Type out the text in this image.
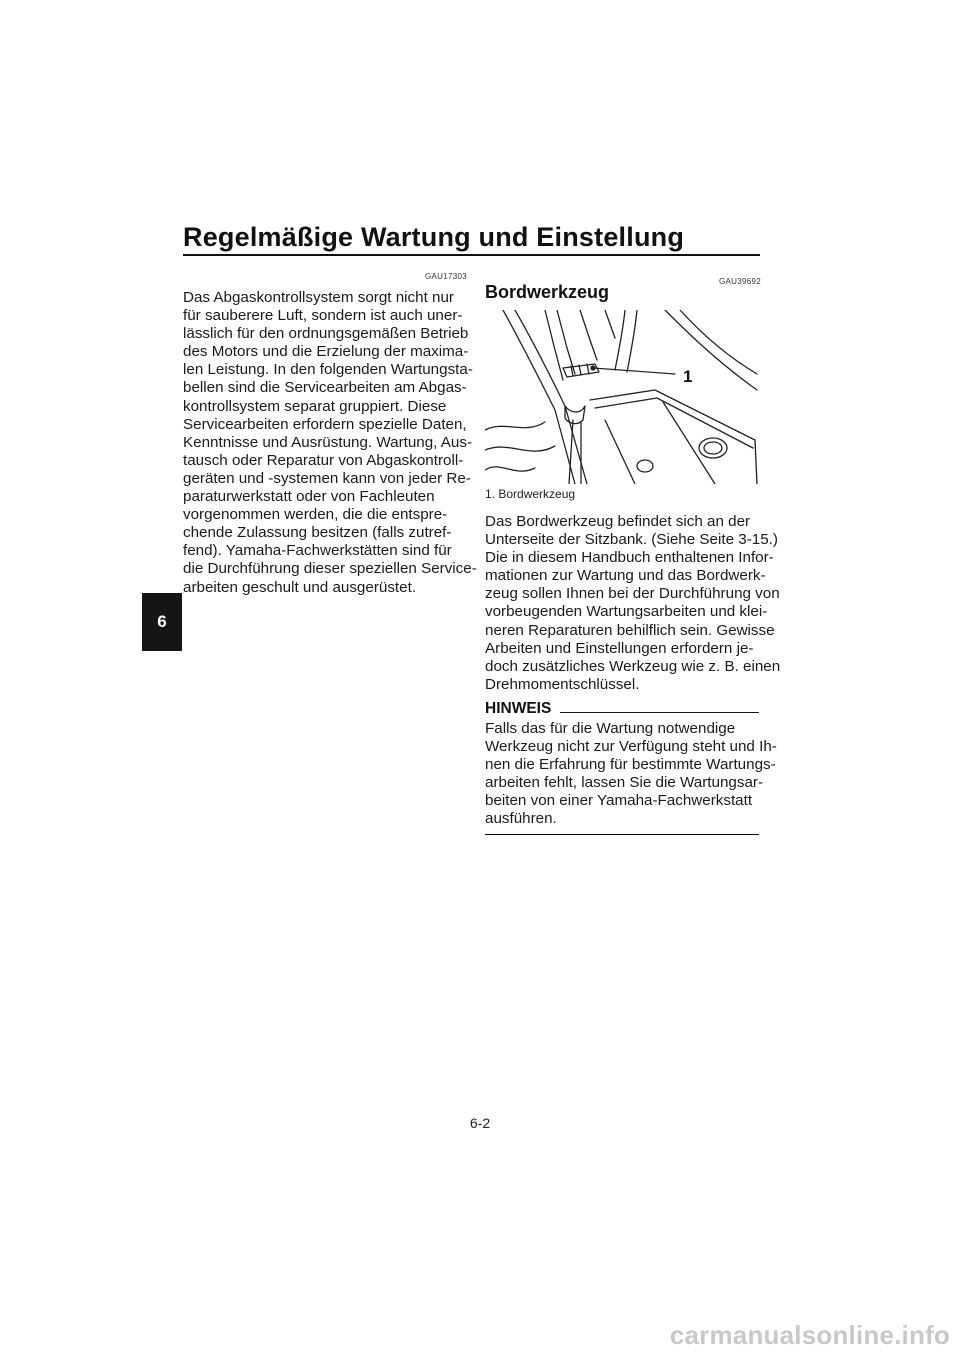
Regelmäßige Wartung und Einstellung
6
GAU17303
Das Abgaskontrollsystem sorgt nicht nur
für sauberere Luft, sondern ist auch uner-
lässlich für den ordnungsgemäßen Betrieb
des Motors und die Erzielung der maxima-
len Leistung. In den folgenden Wartungsta-
bellen sind die Servicearbeiten am Abgas-
kontrollsystem separat gruppiert. Diese
Servicearbeiten erfordern spezielle Daten,
Kenntnisse und Ausrüstung. Wartung, Aus-
tausch oder Reparatur von Abgaskontroll-
geräten und -systemen kann von jeder Re-
paraturwerkstatt oder von Fachleuten
vorgenommen werden, die die entspre-
chende Zulassung besitzen (falls zutref-
fend). Yamaha-Fachwerkstätten sind für
die Durchführung dieser speziellen Service-
arbeiten geschult und ausgerüstet.
GAU39692
Bordwerkzeug
1
1. Bordwerkzeug
Das Bordwerkzeug befindet sich an der
Unterseite der Sitzbank. (Siehe Seite 3-15.)
Die in diesem Handbuch enthaltenen Infor-
mationen zur Wartung und das Bordwerk-
zeug sollen Ihnen bei der Durchführung von
vorbeugenden Wartungsarbeiten und klei-
neren Reparaturen behilflich sein. Gewisse
Arbeiten und Einstellungen erfordern je-
doch zusätzliches Werkzeug wie z. B. einen
Drehmomentschlüssel.
HINWEIS
Falls das für die Wartung notwendige
Werkzeug nicht zur Verfügung steht und Ih-
nen die Erfahrung für bestimmte Wartungs-
arbeiten fehlt, lassen Sie die Wartungsar-
beiten von einer Yamaha-Fachwerkstatt
ausführen.
6-2
carmanualsonline.info
